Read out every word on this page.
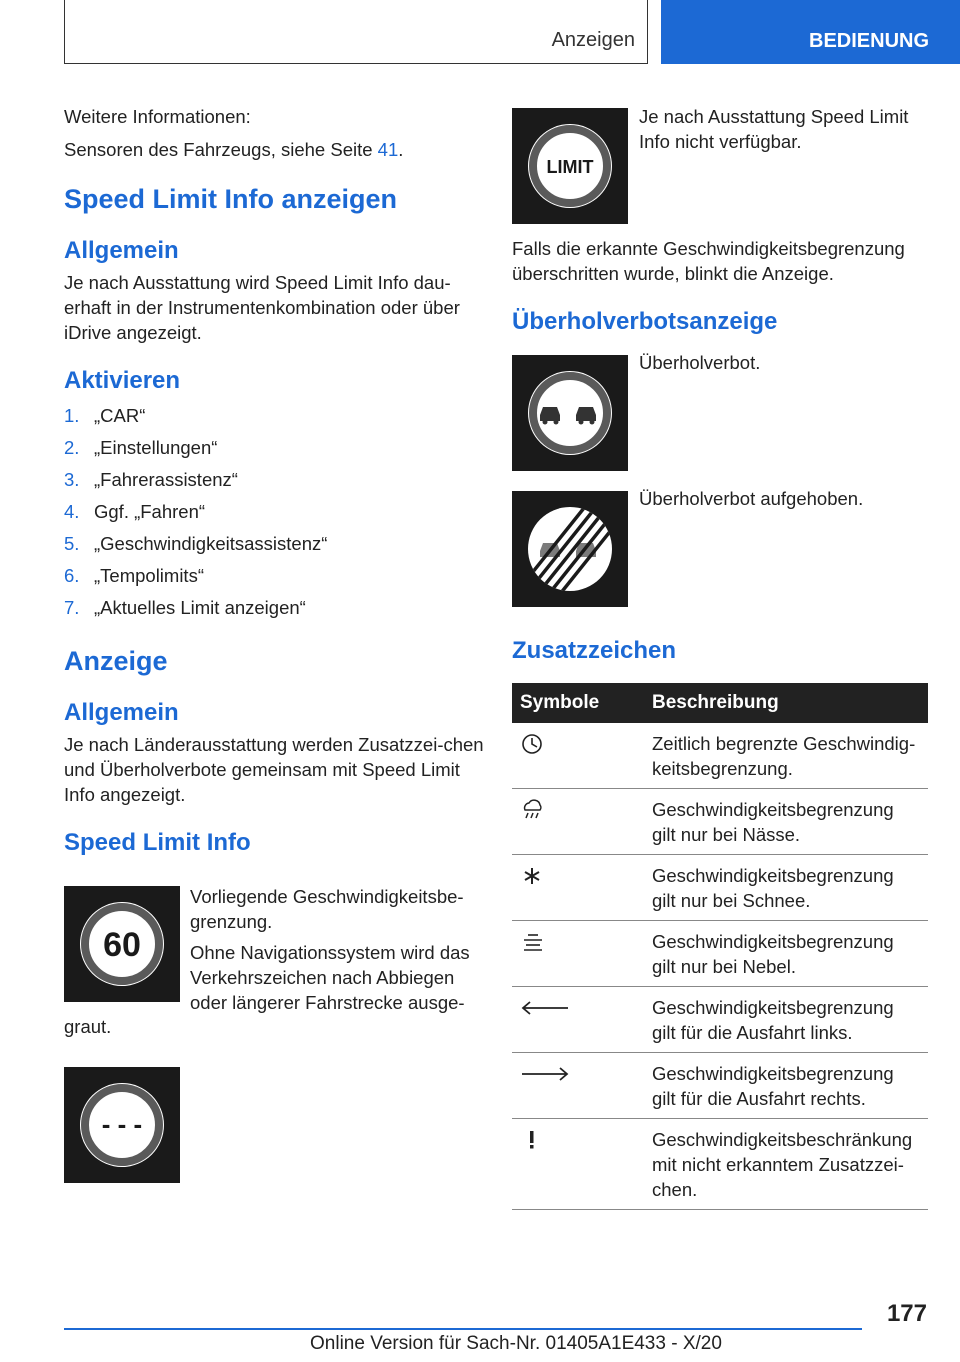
Anzeigen	BEDIENUNG

Weitere Informationen:

Sensoren des Fahrzeugs, siehe Seite 41.

Speed Limit Info anzeigen
Allgemein

Je nach Ausstattung wird Speed Limit Info dau-erhaft in der Instrumentenkombination oder über iDrive angezeigt.

Aktivieren
1. „CAR“
2. „Einstellungen“
3. „Fahrerassistenz“
4. Ggf. „Fahren“
5. „Geschwindigkeitsassistenz“
6. „Tempolimits“
7. „Aktuelles Limit anzeigen“
Anzeige
Allgemein

Je nach Länderausstattung werden Zusatzzei-chen und Überholverbote gemeinsam mit Speed Limit Info angezeigt.

Speed Limit Info
60

Vorliegende Geschwindigkeitsbe-grenzung.

Ohne Navigationssystem wird das Verkehrszeichen nach Abbiegen oder längerer Fahrstrecke ausge-

graut.

- - -
LIMIT

Je nach Ausstattung Speed Limit Info nicht verfügbar.

Falls die erkannte Geschwindigkeitsbegrenzung überschritten wurde, blinkt die Anzeige.

Überholverbotsanzeige

Überholverbot.

Überholverbot aufgehoben.

Zusatzzeichen
Symbole	Beschreibung
	Zeitlich begrenzte Geschwindig-keitsbegrenzung.
	Geschwindigkeitsbegrenzung gilt nur bei Nässe.
	Geschwindigkeitsbegrenzung gilt nur bei Schnee.
	Geschwindigkeitsbegrenzung gilt nur bei Nebel.
	Geschwindigkeitsbegrenzung gilt für die Ausfahrt links.
	Geschwindigkeitsbegrenzung gilt für die Ausfahrt rechts.
	Geschwindigkeitsbeschränkung mit nicht erkanntem Zusatzzei-chen.
177
Online Version für Sach-Nr. 01405A1E433 - X/20
